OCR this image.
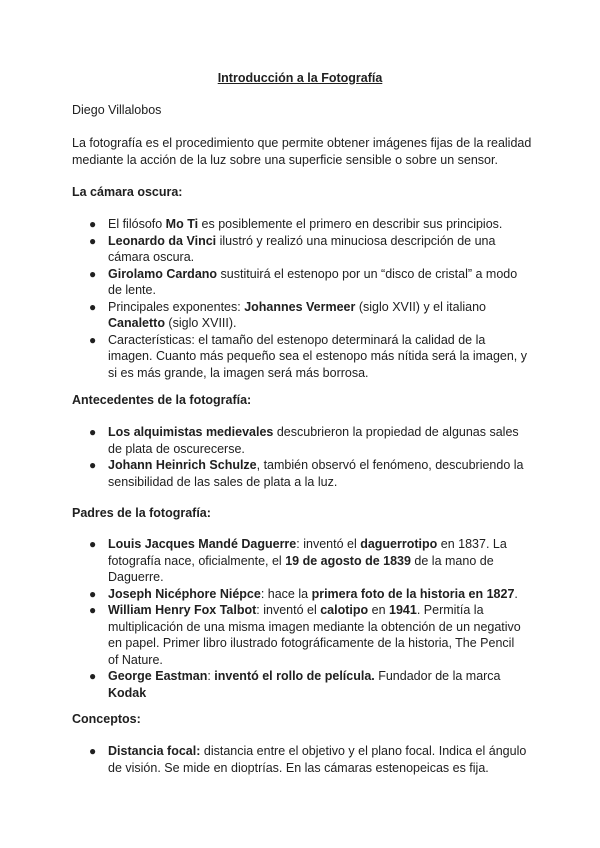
Introducción a la Fotografía
Diego Villalobos
La fotografía es el procedimiento que permite obtener imágenes fijas de la realidad mediante la acción de la luz sobre una superficie sensible o sobre un sensor.
La cámara oscura:
● El filósofo Mo Ti es posiblemente el primero en describir sus principios.
● Leonardo da Vinci ilustró y realizó una minuciosa descripción de una cámara oscura.
● Girolamo Cardano sustituirá el estenopo por un “disco de cristal” a modo de lente.
● Principales exponentes: Johannes Vermeer (siglo XVII) y el italiano Canaletto (siglo XVIII).
● Características: el tamaño del estenopo determinará la calidad de la imagen. Cuanto más pequeño sea el estenopo más nítida será la imagen, y si es más grande, la imagen será más borrosa.
Antecedentes de la fotografía:
● Los alquimistas medievales descubrieron la propiedad de algunas sales de plata de oscurecerse.
● Johann Heinrich Schulze, también observó el fenómeno, descubriendo la sensibilidad de las sales de plata a la luz.
Padres de la fotografía:
● Louis Jacques Mandé Daguerre: inventó el daguerrotipo en 1837. La fotografía nace, oficialmente, el 19 de agosto de 1839 de la mano de Daguerre.
● Joseph Nicéphore Niépce: hace la primera foto de la historia en 1827.
● William Henry Fox Talbot: inventó el calotipo en 1941. Permitía la multiplicación de una misma imagen mediante la obtención de un negativo en papel. Primer libro ilustrado fotográficamente de la historia, The Pencil of Nature.
● George Eastman: inventó el rollo de película. Fundador de la marca Kodak
Conceptos:
● Distancia focal: distancia entre el objetivo y el plano focal. Indica el ángulo de visión. Se mide en dioptrías. En las cámaras estenopeicas es fija.
